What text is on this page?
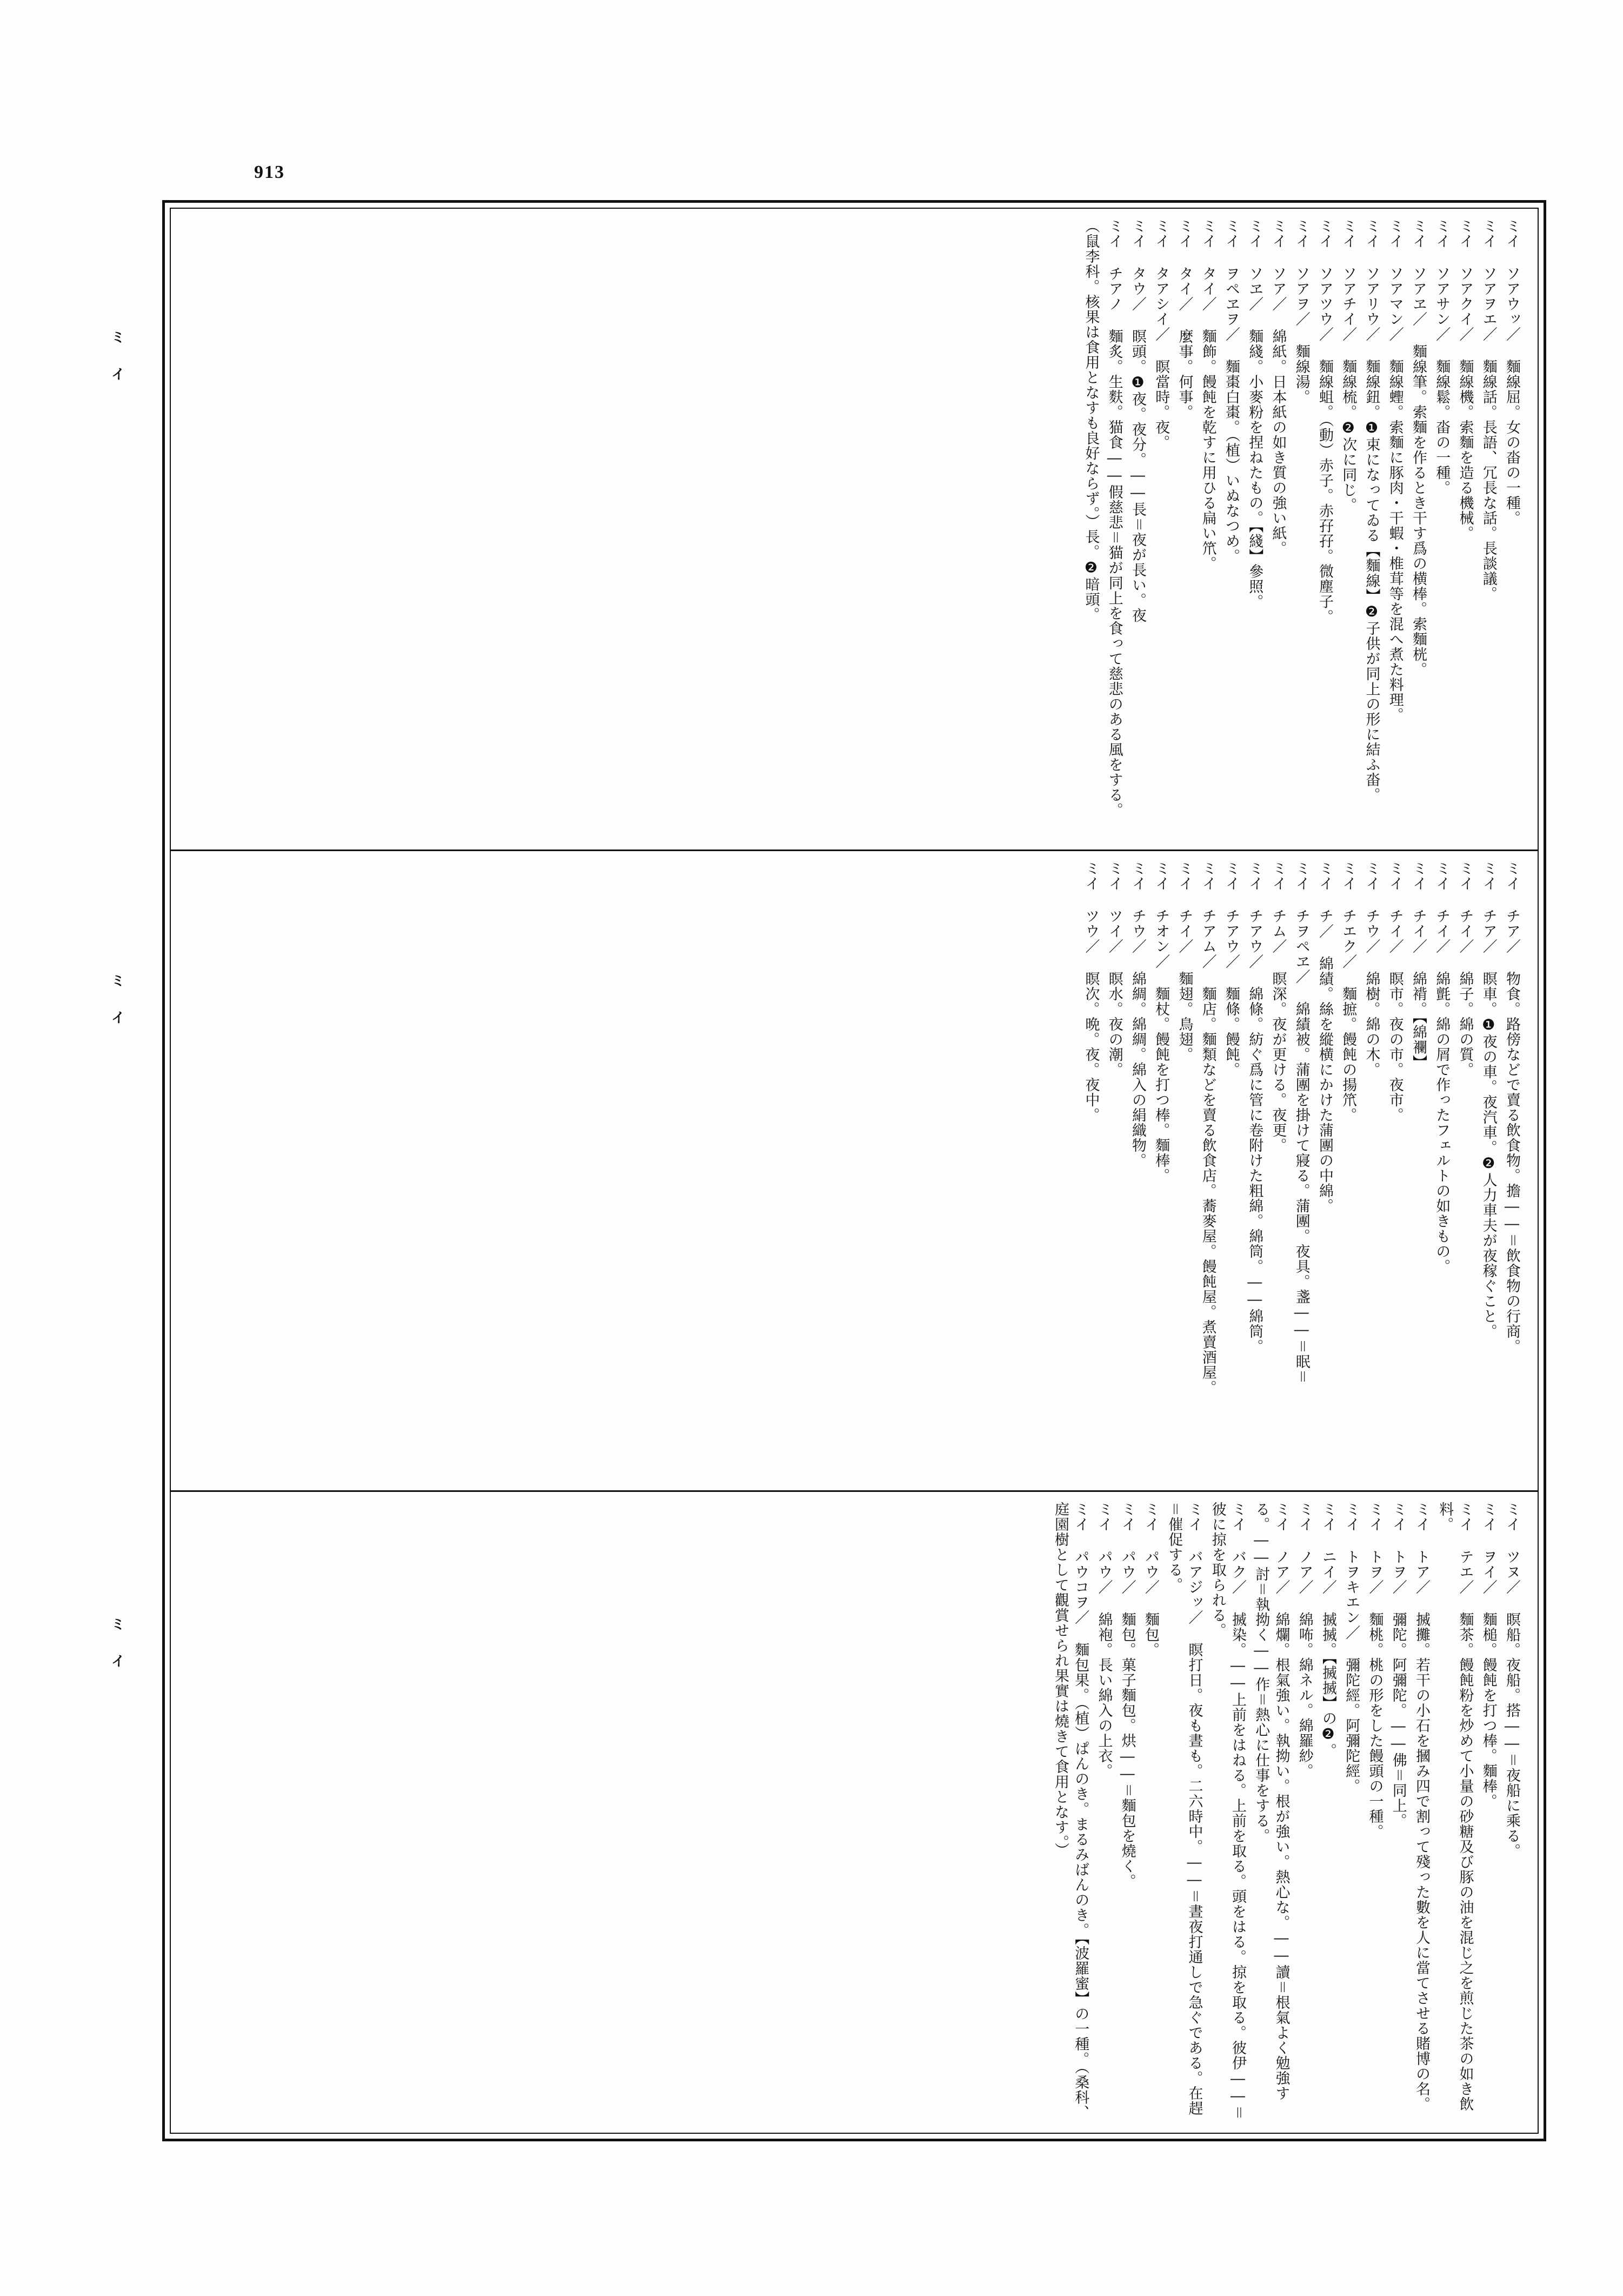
913
ミ イ
ミ イ
ミ イ
ミイ ソアウッ／ 麵線屈。女の畓の一種。
ミイ ソアヲエ／ 麵線話。長語、冗長な話。長談議。
ミイ ソアクイ／ 麵線機。索麵を造る機械。
ミイ ソアサン／ 麵線鬆。畓の一種。
ミイ ソアヱ／ 麵線筆。索麵を作るとき干す爲の横棒。索麵桄。
ミイ ソアマン／ 麵線蟶。索麵に豚肉・干蝦・椎茸等を混へ煮た料理。
ミイ ソアリウ／ 麵線鈕。❶束になってゐる【麵線】❷子供が同上の形に結ふ畓。
ミイ ソアチイ／ 麵線梳。❷次に同じ。
ミイ ソアツウ／ 麵線蛆。（動）赤子。赤孖孖。微塵子。
ミイ ソアヲ／ 麵線湯。
ミイ ソア／ 綿紙。日本紙の如き質の強い紙。
ミイ ソヱ／ 麵綫。小麥粉を捏ねたもの。【綫】參照。
ミイ ヲペヱヲ／ 麵棗白棗。（植）いぬなつめ。
ミイ タイ／ 麵飾。饅飩を乾すに用ひる扁い笊。
ミイ タイ／ 麼事。何事。
ミイ タアシイ／ 瞑當時。夜。
ミイ タウ／ 瞑頭。❶夜。夜分。――長＝夜が長い。夜
ミイ チアノ 麵炙。生麩。猫食――假慈悲＝猫が同上を食って慈悲のある風をする。
（鼠李科。核果は食用となすも良好ならず。）長。❷暗頭。
ミイ チア／ 物食。路傍などで賣る飲食物。擔――＝飲食物の行商。
ミイ チア／ 瞑車。❶夜の車。夜汽車。❷人力車夫が夜稼ぐこと。
ミイ チイ／ 綿子。綿の質。
ミイ チイ／ 綿氈。綿の屑で作ったフェルトの如きもの。
ミイ チイ／ 綿褙。【綿襴】
ミイ チイ／ 瞑市。夜の市。夜市。
ミイ チウ／ 綿樹。綿の木。
ミイ チエク／ 麵摭。饅飩の揚笊。
ミイ チ／ 綿績。絲を縱横にかけた蒲團の中綿。
ミイ チヲペヱ／ 綿績被。蒲團を掛けて寢る。蒲團。夜具。盞――＝眠＝
ミイ チム／ 瞑深。夜が更ける。夜更。
ミイ チアウ／ 綿條。紡ぐ爲に管に卷附けた粗綿。綿筒。――綿筒。
ミイ チアウ／ 麵條。饅飩。
ミイ チアム／ 麵店。麵類などを賣る飲食店。蕎麥屋。饅飩屋。煮賣酒屋。
ミイ チイ／ 麵翅。鳥翅。
ミイ チオン／ 麵杖。饅飩を打つ棒。麵棒。
ミイ チウ／ 綿綢。綿綢。綿入の絹織物。
ミイ ツイ／ 瞑水。夜の潮。
ミイ ツウ／ 瞑次。晩。夜。夜中。
ミイ ツヌ／ 瞑船。夜船。搭――＝夜船に乘る。
ミイ ヲイ／ 麵槌。饅飩を打つ棒。麵棒。
ミイ テエ／ 麵茶。饅飩粉を炒めて小量の砂糖及び豚の油を混じ之を煎じた茶の如き飲料。
ミイ トア／ 搣攤。若干の小石を摑み四で割って殘った數を人に當てさせる賭博の名。
ミイ トヲ／ 彌陀。阿彌陀。――佛＝同上。
ミイ トヲ／ 麵桃。桃の形をした饅頭の一種。
ミイ トヲキエン／ 彌陀經。阿彌陀經。
ミイ ニイ／ 搣搣。【搣搣】の❷。
ミイ ノア／ 綿咘。綿ネル。綿羅紗。
ミイ ノア／ 綿爛。根氣強い。執拗い。根が強い。熱心な。――讀＝根氣よく勉強する。――討＝執拗く――作＝熱心に仕事をする。
ミイ バク／ 搣染。――上前をはねる。上前を取る。頭をはる。掠を取る。彼伊――＝彼に掠を取られる。
ミイ バアジッ／ 瞑打日。夜も晝も。二六時中。――＝晝夜打通しで急ぐである。在趕＝催促する。
ミイ パウ／ 麵包。
ミイ パウ／ 麵包。菓子麵包。烘――＝麵包を燒く。
ミイ パウ／ 綿袍。長い綿入の上衣。
ミイ パウコヲ／ 麵包果。（植）ぱんのき。まるみばんのき。【波羅蜜】の一種。（桑科、庭園樹として觀賞せられ果實は燒きて食用となす。）
